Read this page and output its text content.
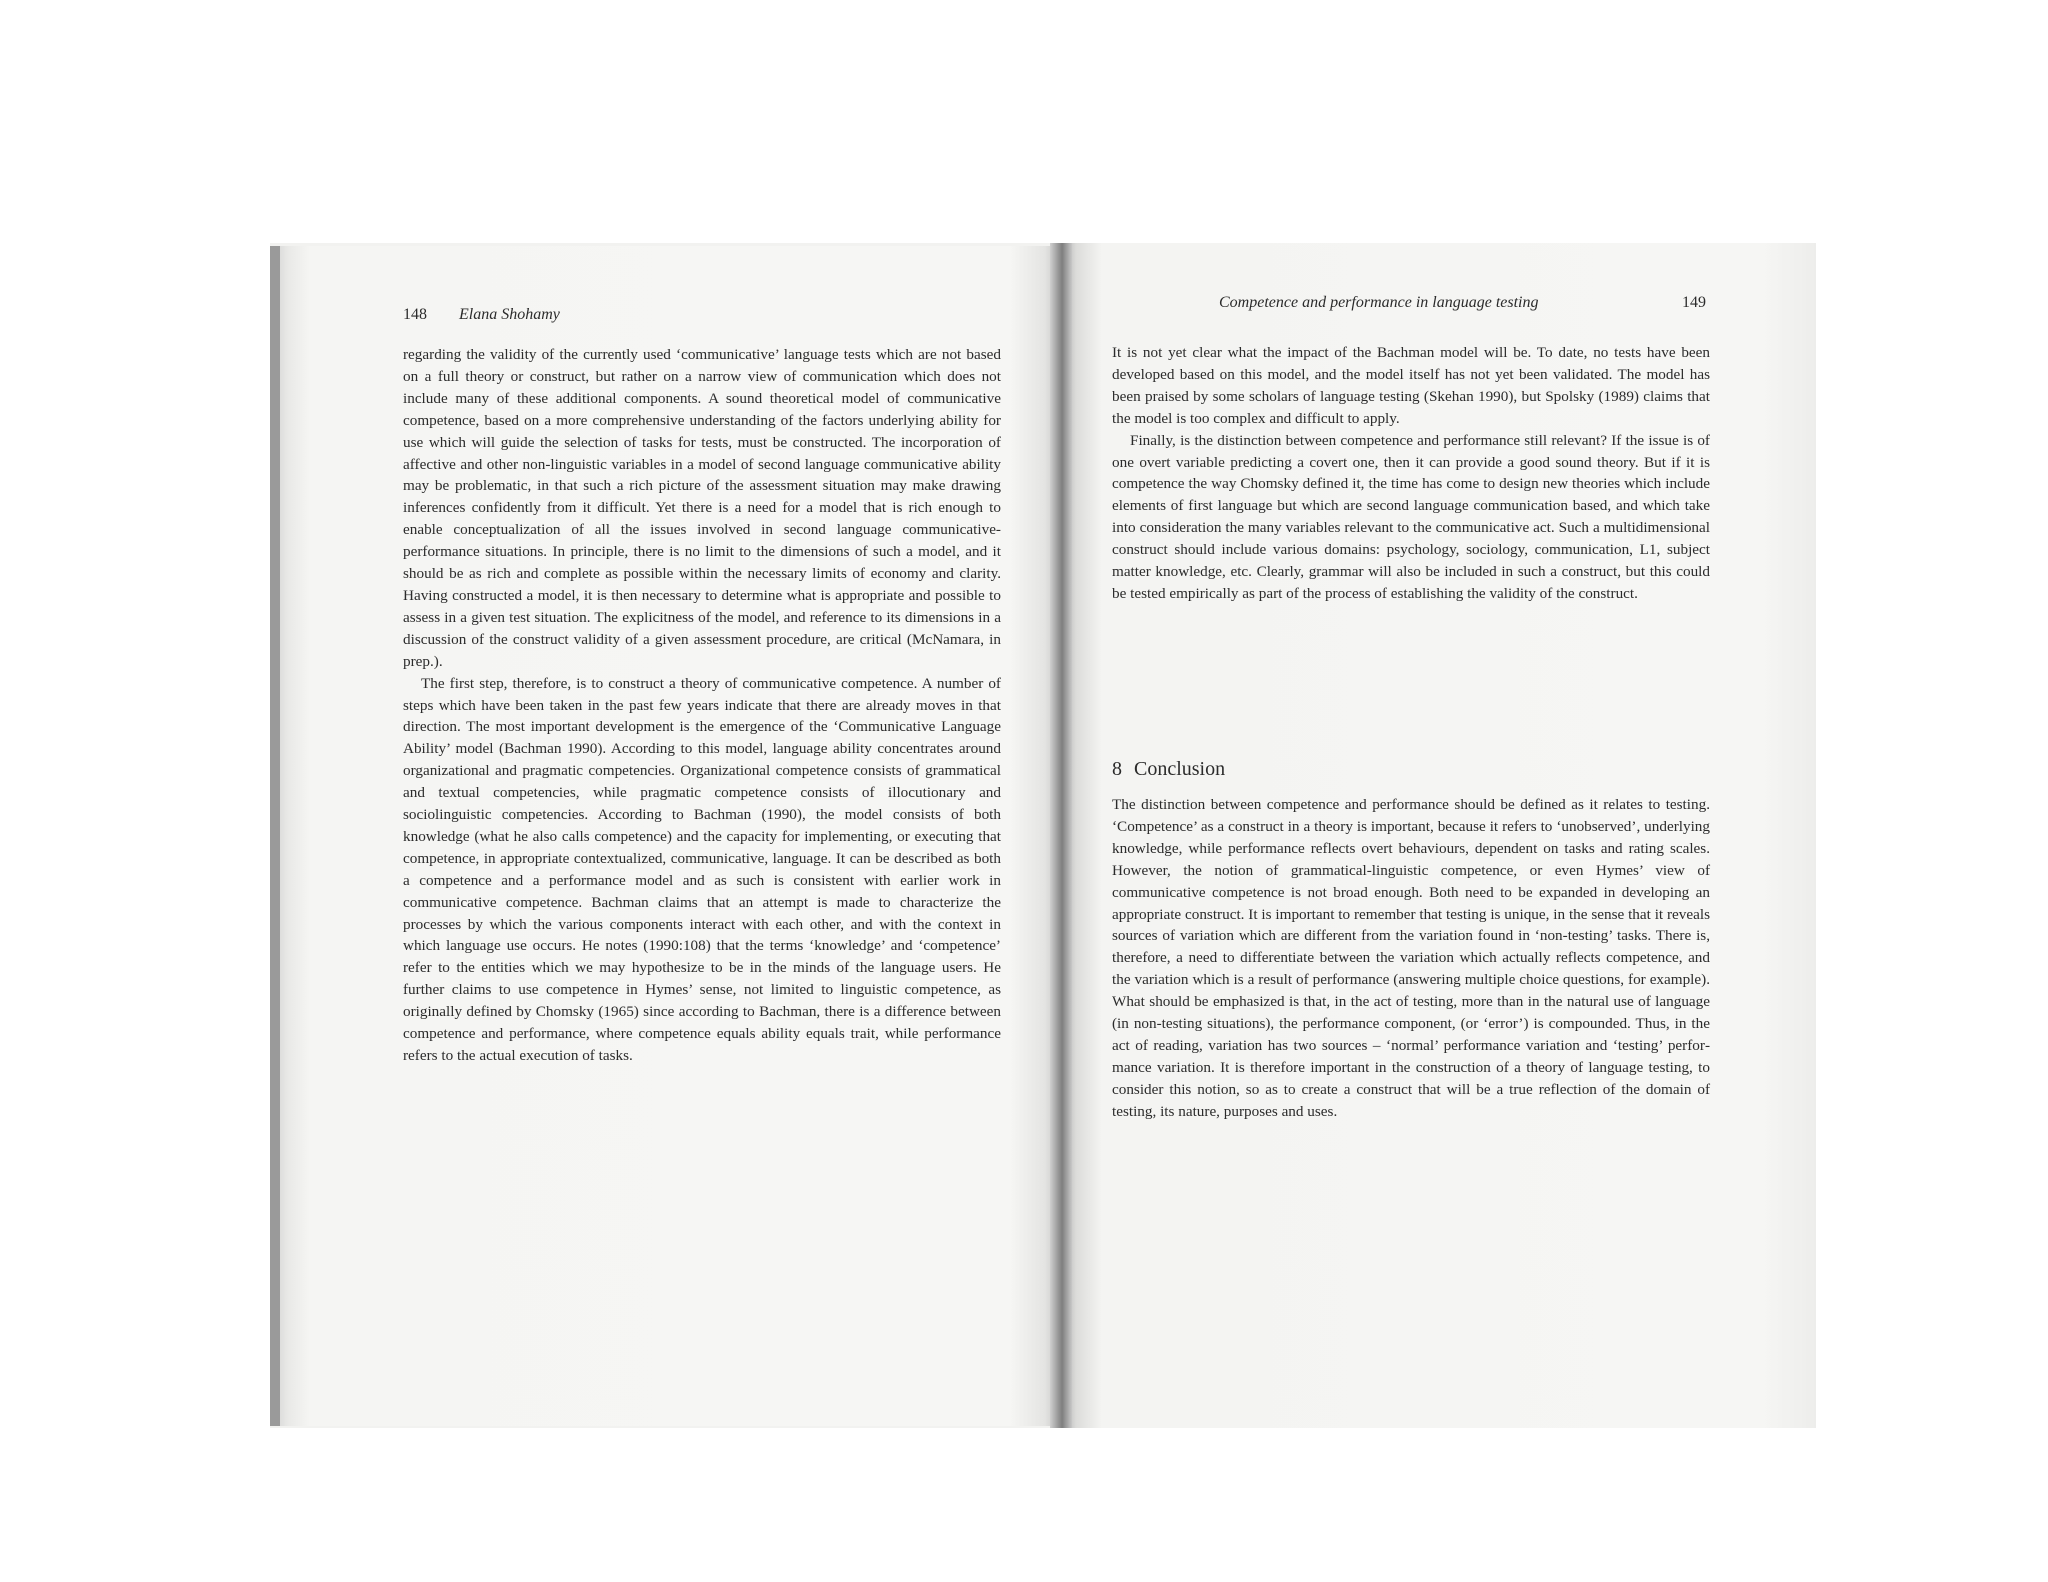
148 Elana Shohamy

regarding the validity of the currently used ‘communicative’ language tests which are not based on a full theory or construct, but rather on a narrow view of communication which does not include many of these additional components. A sound theoretical model of communicative competence, based on a more comprehensive understanding of the factors underlying ability for use which will guide the selection of tasks for tests, must be constructed. The incorporation of affective and other non-linguistic variables in a model of second language communicative ability may be problematic, in that such a rich picture of the assessment situation may make drawing inferences confidently from it difficult. Yet there is a need for a model that is rich enough to enable conceptualization of all the issues involved in second language communicative-performance situations. In principle, there is no limit to the dimensions of such a model, and it should be as rich and complete as possible within the necessary limits of economy and clarity. Having constructed a model, it is then necessary to determine what is appropriate and possible to assess in a given test situation. The explicitness of the model, and reference to its dimensions in a discussion of the construct validity of a given assessment procedure, are critical (McNamara, in prep.).

The first step, therefore, is to construct a theory of communicative competence. A number of steps which have been taken in the past few years indicate that there are already moves in that direction. The most important development is the emergence of the ‘Communicative Language Ability’ model (Bachman 1990). According to this model, language ability concentrates around organizational and pragmatic competencies. Organizational competence consists of grammatical and textual competencies, while pragmatic competence consists of illocutionary and sociolinguistic competencies. According to Bachman (1990), the model consists of both knowledge (what he also calls competence) and the capacity for implementing, or executing that competence, in appropriate contextualized, communicative, language. It can be described as both a competence and a performance model and as such is consistent with earlier work in communicative competence. Bachman claims that an attempt is made to characterize the processes by which the various components interact with each other, and with the context in which language use occurs. He notes (1990:108) that the terms ‘knowledge’ and ‘competence’ refer to the entities which we may hypothesize to be in the minds of the language users. He further claims to use competence in Hymes’ sense, not limited to linguistic competence, as originally defined by Chomsky (1965) since according to Bachman, there is a difference between competence and performance, where competence equals ability equals trait, while performance refers to the actual execution of tasks.

Competence and performance in language testing	149

It is not yet clear what the impact of the Bachman model will be. To date, no tests have been developed based on this model, and the model itself has not yet been validated. The model has been praised by some scholars of language testing (Skehan 1990), but Spolsky (1989) claims that the model is too complex and difficult to apply.

Finally, is the distinction between competence and performance still relevant? If the issue is of one overt variable predicting a covert one, then it can provide a good sound theory. But if it is competence the way Chomsky defined it, the time has come to design new theories which include elements of first language but which are second language communication based, and which take into consideration the many variables relevant to the communicative act. Such a multidimensional construct should include various domains: psychology, sociology, communication, L1, subject matter knowledge, etc. Clearly, grammar will also be included in such a construct, but this could be tested empirically as part of the process of establishing the validity of the construct.

8 Conclusion

The distinction between competence and performance should be defined as it relates to testing. ‘Competence’ as a construct in a theory is important, because it refers to ‘unobserved’, underlying knowledge, while performance reflects overt behaviours, dependent on tasks and rating scales. However, the notion of grammatical-linguistic competence, or even Hymes’ view of communicative competence is not broad enough. Both need to be expanded in developing an appropriate construct. It is important to remember that testing is unique, in the sense that it reveals sources of variation which are different from the variation found in ‘non-testing’ tasks. There is, therefore, a need to differentiate between the variation which actually reflects competence, and the variation which is a result of performance (answering multiple choice questions, for example). What should be emphasized is that, in the act of testing, more than in the natural use of language (in non-testing situations), the performance component, (or ‘error’) is compounded. Thus, in the act of reading, variation has two sources – ‘normal’ performance variation and ‘testing’ performance variation. It is therefore important in the construction of a theory of language testing, to consider this notion, so as to create a construct that will be a true reflection of the domain of testing, its nature, purposes and uses.
